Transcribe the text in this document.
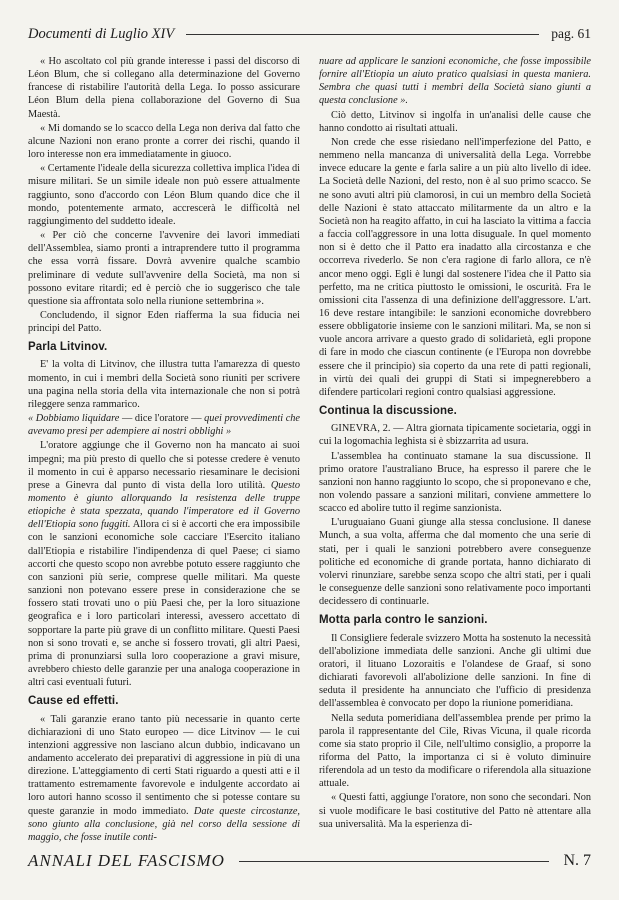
Documenti di Luglio XIV	pag. 61

« Ho ascoltato col più grande interesse i passi del discorso di Léon Blum, che si collegano alla determinazione del Governo francese di ristabilire l'autorità della Lega. Io posso assicurare Léon Blum della piena collaborazione del Governo di Sua Maestà.

« Mi domando se lo scacco della Lega non deriva dal fatto che alcune Nazioni non erano pronte a correr dei rischi, quando il loro interesse non era immediatamente in giuoco.

« Certamente l'ideale della sicurezza collettiva implica l'idea di misure militari. Se un simile ideale non può essere attualmente raggiunto, sono d'accordo con Léon Blum quando dice che il mondo, potentemente armato, accrescerà le difficoltà nel raggiungimento del suddetto ideale.

« Per ciò che concerne l'avvenire dei lavori immediati dell'Assemblea, siamo pronti a intraprendere tutto il programma che essa vorrà fissare. Dovrà avvenire qualche scambio preliminare di vedute sull'avvenire della Società, ma non si possono evitare ritardi; ed è perciò che io suggerisco che tale questione sia affrontata solo nella riunione settembrina ».

Concludendo, il signor Eden riafferma la sua fiducia nei principi del Patto.

Parla Litvinov.

E' la volta di Litvinov, che illustra tutta l'amarezza di questo momento, in cui i membri della Società sono riuniti per scrivere una pagina nella storia della vita internazionale che non si potrà rileggere senza rammarico.

« Dobbiamo liquidare — dice l'oratore — quei provvedimenti che avevamo presi per adempiere ai nostri obblighi »

L'oratore aggiunge che il Governo non ha mancato ai suoi impegni; ma più presto di quello che si potesse credere è venuto il momento in cui è apparso necessario riesaminare le decisioni prese a Ginevra dal punto di vista della loro utilità. Questo momento è giunto allorquando la resistenza delle truppe etiopiche è stata spezzata, quando l'imperatore ed il Governo dell'Etiopia sono fuggiti. Allora ci si è accorti che era impossibile con le sanzioni economiche sole cacciare l'Esercito italiano dall'Etiopia e ristabilire l'indipendenza di quel Paese; ci siamo accorti che questo scopo non avrebbe potuto essere raggiunto che con sanzioni più serie, comprese quelle militari. Ma queste sanzioni non potevano essere prese in considerazione che se fossero stati trovati uno o più Paesi che, per la loro situazione geografica e i loro particolari interessi, avessero accettato di sopportare la parte più grave di un conflitto militare. Questi Paesi non si sono trovati e, se anche si fossero trovati, gli altri Paesi, prima di pronunziarsi sulla loro cooperazione a gravi misure, avrebbero chiesto delle garanzie per una analoga cooperazione in altri casi eventuali futuri.

Cause ed effetti.

« Tali garanzie erano tanto più necessarie in quanto certe dichiarazioni di uno Stato europeo — dice Litvinov — le cui intenzioni aggressive non lasciano alcun dubbio, indicavano un andamento accelerato dei preparativi di aggressione in più di una direzione. L'atteggiamento di certi Stati riguardo a questi atti e il trattamento estremamente favorevole e indulgente accordato ai loro autori hanno scosso il sentimento che si potesse contare su queste garanzie in modo immediato. Date queste circostanze, sono giunto alla conclusione, già nel corso della sessione di maggio, che fosse inutile conti-

nuare ad applicare le sanzioni economiche, che fosse impossibile fornire all'Etiopia un aiuto pratico qualsiasi in questa maniera. Sembra che quasi tutti i membri della Società siano giunti a questa conclusione ».

Ciò detto, Litvinov si ingolfa in un'analisi delle cause che hanno condotto ai risultati attuali.

Non crede che esse risiedano nell'imperfezione del Patto, e nemmeno nella mancanza di universalità della Lega. Vorrebbe invece educare la gente e farla salire a un più alto livello di idee. La Società delle Nazioni, del resto, non è al suo primo scacco. Se ne sono avuti altri più clamorosi, in cui un membro della Società delle Nazioni è stato attaccato militarmente da un altro e la Società non ha reagito affatto, in cui ha lasciato la vittima a faccia a faccia coll'aggressore in una lotta disuguale. In quel momento non si è detto che il Patto era inadatto alla circostanza e che occorreva rivederlo. Se non c'era ragione di farlo allora, ce n'è ancor meno oggi. Egli è lungi dal sostenere l'idea che il Patto sia perfetto, ma ne critica piuttosto le omissioni, le oscurità. Fra le omissioni cita l'assenza di una definizione dell'aggressore. L'art. 16 deve restare intangibile: le sanzioni economiche dovrebbero essere obbligatorie insieme con le sanzioni militari. Ma, se non si vuole ancora arrivare a questo grado di solidarietà, egli propone di fare in modo che ciascun continente (e l'Europa non dovrebbe essere che il principio) sia coperto da una rete di patti regionali, in virtù dei quali dei gruppi di Stati si impegnerebbero a difendere particolari regioni contro qualsiasi aggressione.

Continua la discussione.

GINEVRA, 2. — Altra giornata tipicamente societaria, oggi in cui la logomachia leghista si è sbizzarrita ad usura.

L'assemblea ha continuato stamane la sua discussione. Il primo oratore l'australiano Bruce, ha espresso il parere che le sanzioni non hanno raggiunto lo scopo, che si proponevano e che, non volendo passare a sanzioni militari, conviene ammettere lo scacco ed abolire tutto il regime sanzionista.

L'uruguaiano Guani giunge alla stessa conclusione. Il danese Munch, a sua volta, afferma che dal momento che una serie di stati, per i quali le sanzioni potrebbero avere conseguenze politiche ed economiche di grande portata, hanno dichiarato di volervi rinunziare, sarebbe senza scopo che altri stati, per i quali le conseguenze delle sanzioni sono relativamente poco importanti decidessero di continuarle.

Motta parla contro le sanzioni.

Il Consigliere federale svizzero Motta ha sostenuto la necessità dell'abolizione immediata delle sanzioni. Anche gli ultimi due oratori, il lituano Lozoraitis e l'olandese de Graaf, si sono dichiarati favorevoli all'abolizione delle sanzioni. In fine di seduta il presidente ha annunciato che l'ufficio di presidenza dell'assemblea è convocato per dopo la riunione pomeridiana.

Nella seduta pomeridiana dell'assemblea prende per primo la parola il rappresentante del Cile, Rivas Vicuna, il quale ricorda come sia stato proprio il Cile, nell'ultimo consiglio, a proporre la riforma del Patto, la importanza ci si è voluto diminuire riferendola ad un testo da modificare o riferendola alla situazione attuale.

« Questi fatti, aggiunge l'oratore, non sono che secondari. Non si vuole modificare le basi costitutive del Patto nè attentare alla sua universalità. Ma la esperienza di-

ANNALI DEL FASCISMO	N. 7
